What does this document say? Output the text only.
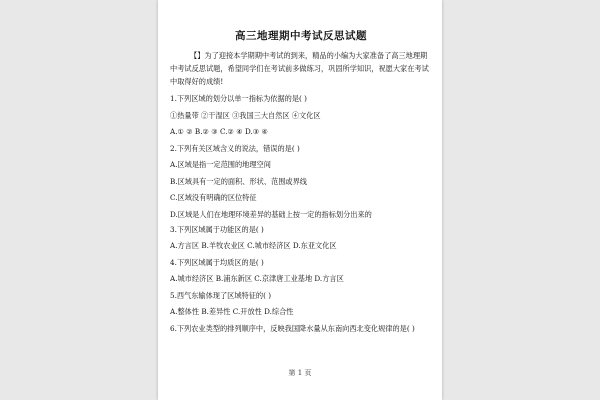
高三地理期中考试反思试题
【】为了迎接本学期期中考试的到来，精品的小编为大家准备了高三地理期中考试反思试题，希望同学们在考试前多做练习，巩固所学知识，祝愿大家在考试中取得好的成绩!
1.下列区域的划分以单一指标为依据的是( )
①热量带 ②干湿区 ③我国三大自然区 ④文化区
A.① ② B.② ③ C.② ④ D.③ ④
2.下列有关区域含义的说法，错误的是( )
A.区域是指一定范围的地理空间
B.区域具有一定的面积、形状、范围或界线
C.区域没有明确的区位特征
D.区域是人们在地理环境差异的基础上按一定的指标划分出来的
3.下列区域属于功能区的是( )
A.方言区 B.羊牧农业区 C.城市经济区 D.东亚文化区
4.下列区域属于均质区的是( )
A.城市经济区 B.浦东新区 C.京津唐工业基地 D.方言区
5.西气东输体现了区域特征的( )
A.整体性 B.差异性 C.开放性 D.综合性
6.下列农业类型的排列顺序中，反映我国降水量从东南向西北变化规律的是( )
第 1 页
